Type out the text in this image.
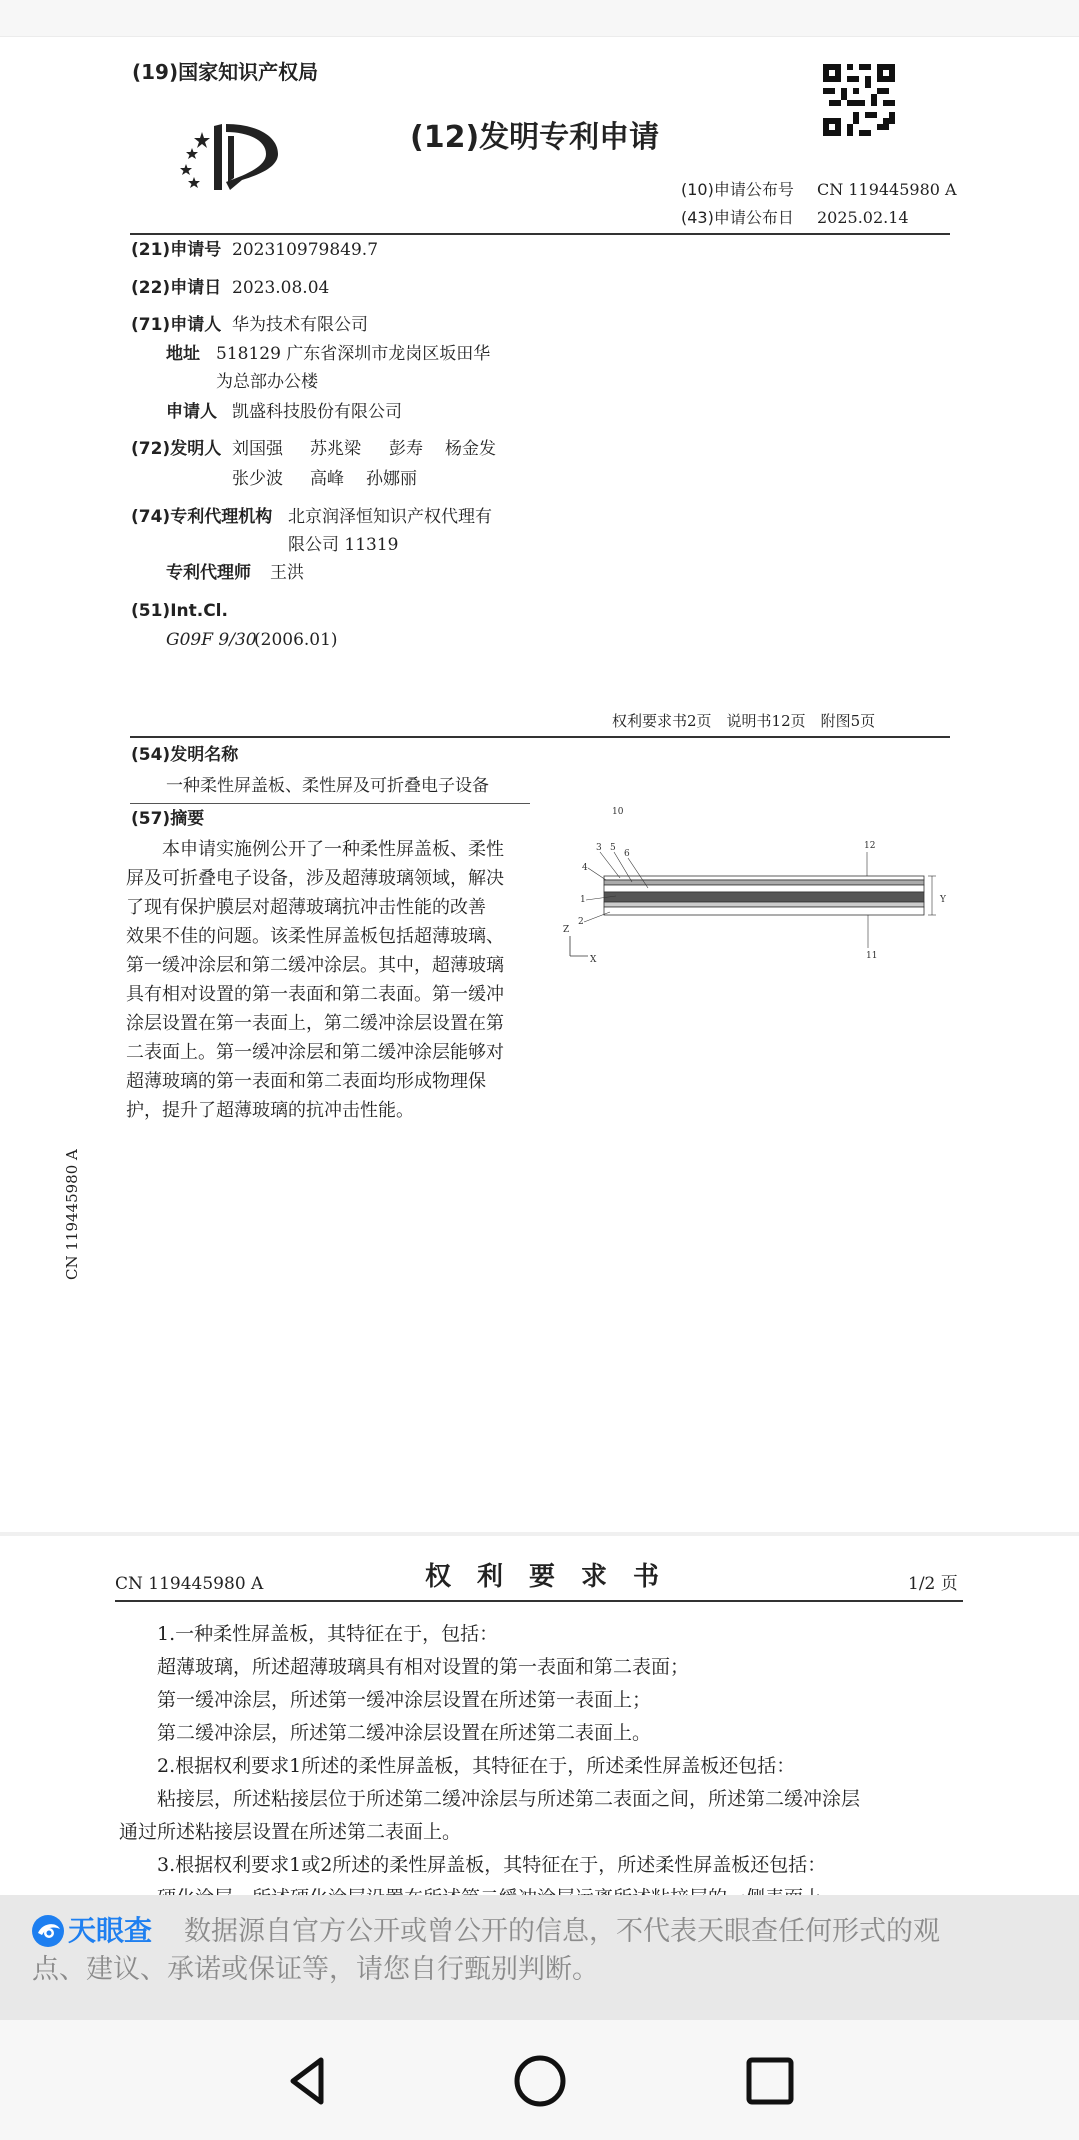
(19)国家知识产权局
(12)发明专利申请
(10)申请公布号 CN 119445980 A
(43)申请公布日 2025.02.14
(21)申请号 202310979849.7
(22)申请日 2023.08.04
(71)申请人 华为技术有限公司
地址 518129 广东省深圳市龙岗区坂田华
为总部办公楼
申请人 凯盛科技股份有限公司
(72)发明人 刘国强 苏兆梁 彭寿 杨金发
张少波 高峰 孙娜丽
(74)专利代理机构 北京润泽恒知识产权代理有
限公司 11319
专利代理师 王洪
(51)Int.Cl.
G09F 9/30
(2006.01)
权利要求书2页　说明书12页　附图5页
(54)发明名称
一种柔性屏盖板、柔性屏及可折叠电子设备
(57)摘要
本申请实施例公开了一种柔性屏盖板、柔性
屏及可折叠电子设备，涉及超薄玻璃领域，解决
了现有保护膜层对超薄玻璃抗冲击性能的改善
效果不佳的问题。该柔性屏盖板包括超薄玻璃、
第一缓冲涂层和第二缓冲涂层。其中，超薄玻璃
具有相对设置的第一表面和第二表面。第一缓冲
涂层设置在第一表面上，第二缓冲涂层设置在第
二表面上。第一缓冲涂层和第二缓冲涂层能够对
超薄玻璃的第一表面和第二表面均形成物理保
护，提升了超薄玻璃的抗冲击性能。
10
4
3 5
6
12
1
2
11
Y
Z
X
CN 119445980 A
CN 119445980 A	权　利　要　求　书	1/2 页
1.一种柔性屏盖板，其特征在于，包括：
超薄玻璃，所述超薄玻璃具有相对设置的第一表面和第二表面；
第一缓冲涂层，所述第一缓冲涂层设置在所述第一表面上；
第二缓冲涂层，所述第二缓冲涂层设置在所述第二表面上。
2.根据权利要求1所述的柔性屏盖板，其特征在于，所述柔性屏盖板还包括：
粘接层，所述粘接层位于所述第二缓冲涂层与所述第二表面之间，所述第二缓冲涂层
通过所述粘接层设置在所述第二表面上。
3.根据权利要求1或2所述的柔性屏盖板，其特征在于，所述柔性屏盖板还包括：
天眼查 数据源自官方公开或曾公开的信息，不代表天眼查任何形式的观
点、建议、承诺或保证等，请您自行甄别判断。
